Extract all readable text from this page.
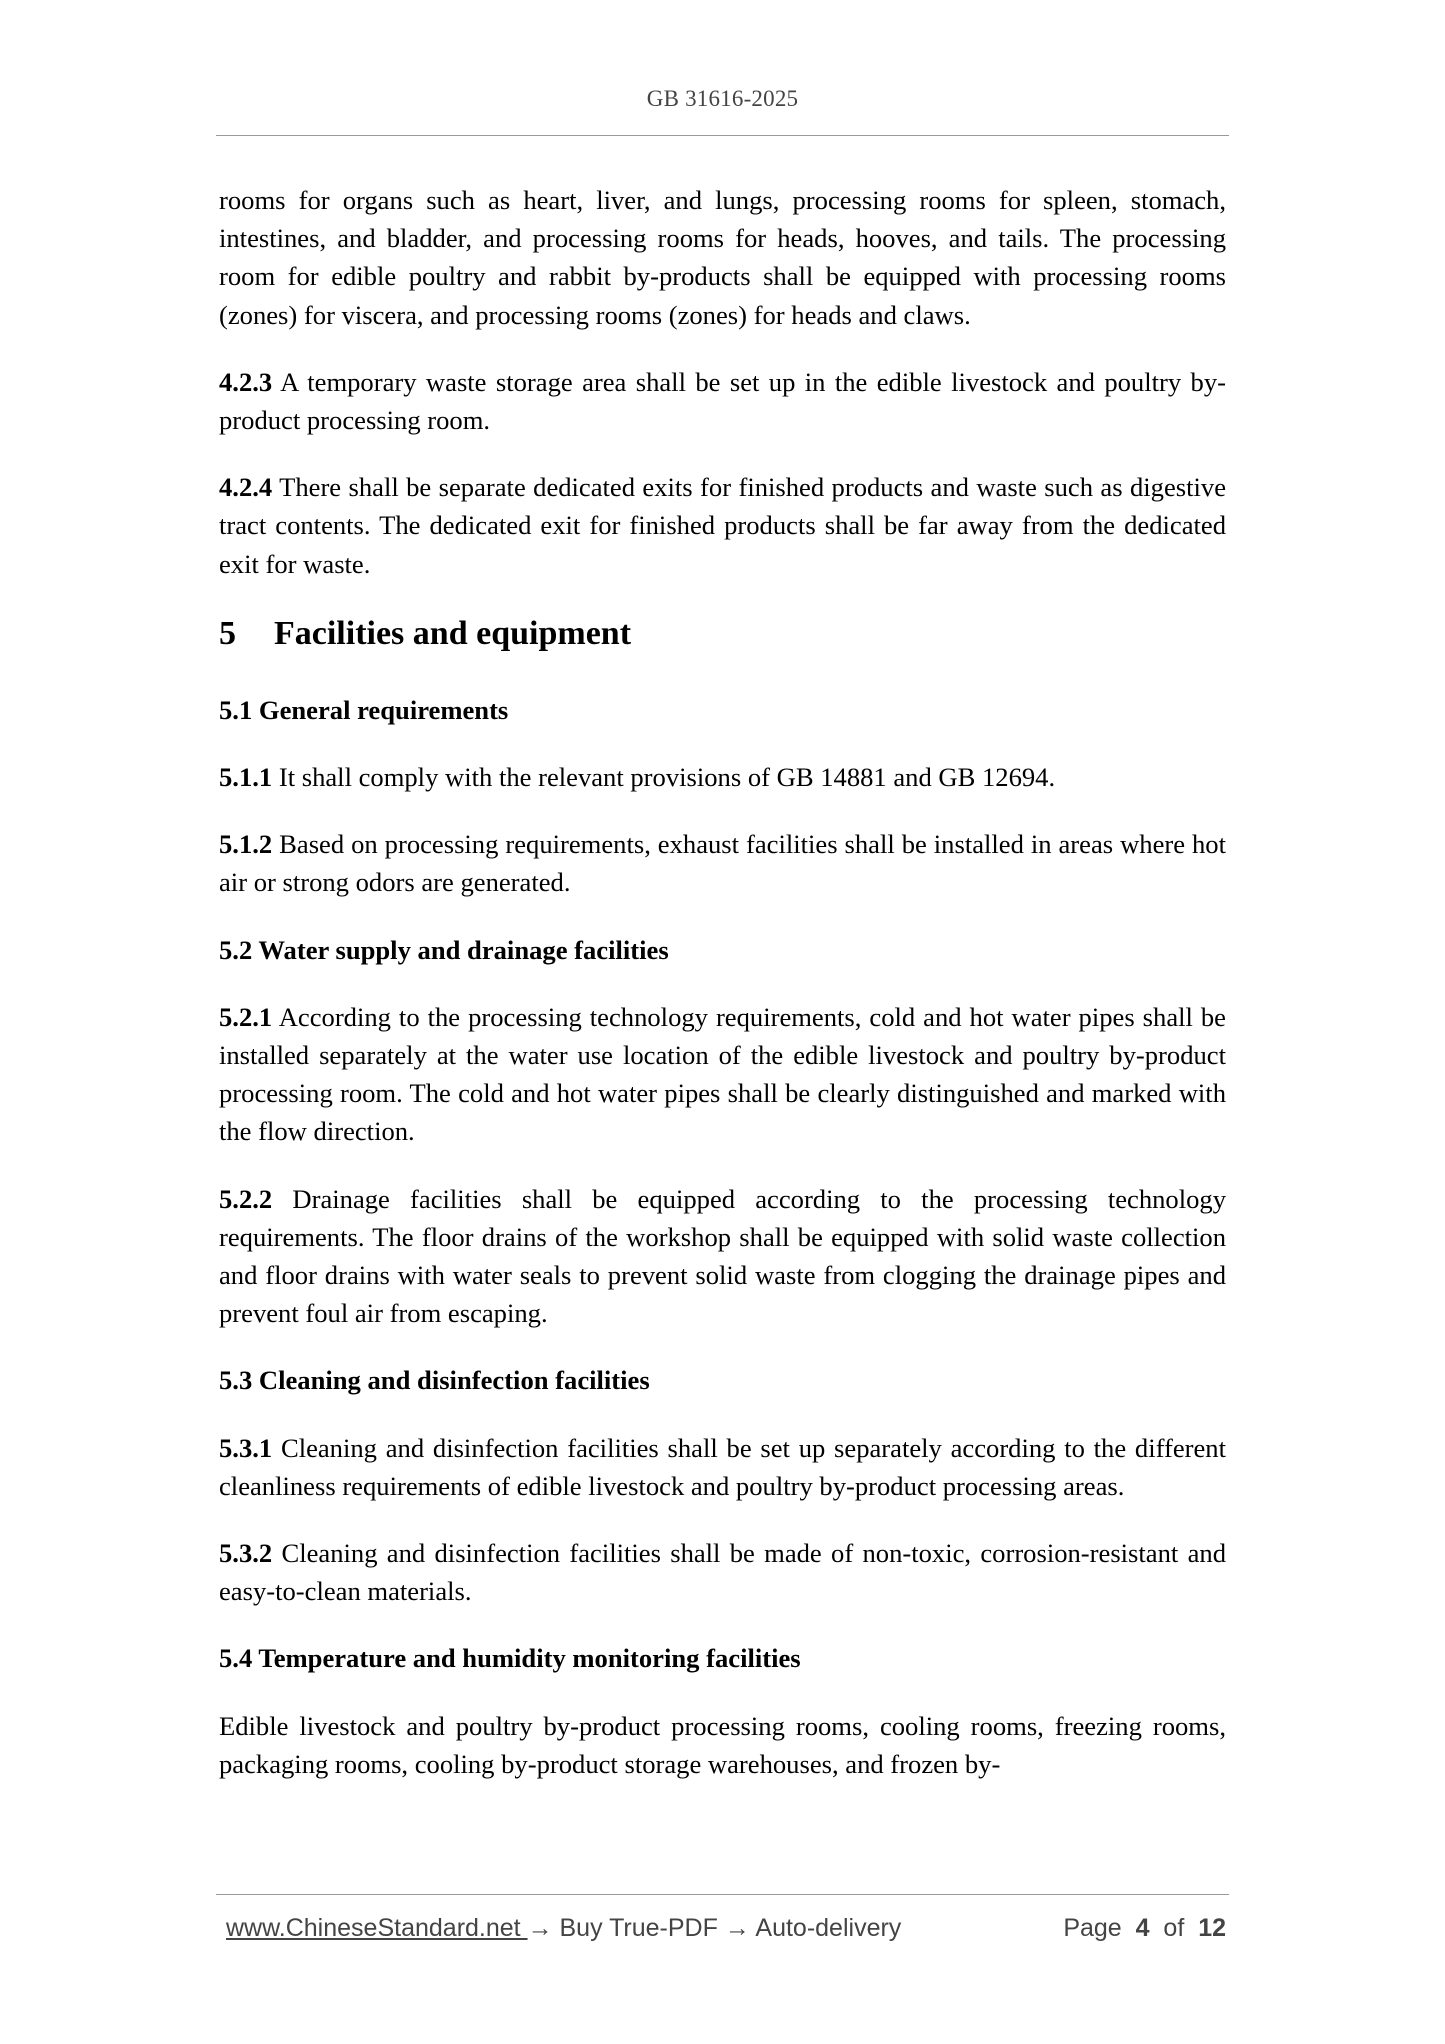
GB 31616-2025

rooms for organs such as heart, liver, and lungs, processing rooms for spleen, stomach, intestines, and bladder, and processing rooms for heads, hooves, and tails. The processing room for edible poultry and rabbit by-products shall be equipped with processing rooms (zones) for viscera, and processing rooms (zones) for heads and claws.

4.2.3 A temporary waste storage area shall be set up in the edible livestock and poultry by-product processing room.

4.2.4 There shall be separate dedicated exits for finished products and waste such as digestive tract contents. The dedicated exit for finished products shall be far away from the dedicated exit for waste.

5 Facilities and equipment

5.1 General requirements

5.1.1 It shall comply with the relevant provisions of GB 14881 and GB 12694.

5.1.2 Based on processing requirements, exhaust facilities shall be installed in areas where hot air or strong odors are generated.

5.2 Water supply and drainage facilities

5.2.1 According to the processing technology requirements, cold and hot water pipes shall be installed separately at the water use location of the edible livestock and poultry by-product processing room. The cold and hot water pipes shall be clearly distinguished and marked with the flow direction.

5.2.2 Drainage facilities shall be equipped according to the processing technology requirements. The floor drains of the workshop shall be equipped with solid waste collection and floor drains with water seals to prevent solid waste from clogging the drainage pipes and prevent foul air from escaping.

5.3 Cleaning and disinfection facilities

5.3.1 Cleaning and disinfection facilities shall be set up separately according to the different cleanliness requirements of edible livestock and poultry by-product processing areas.

5.3.2 Cleaning and disinfection facilities shall be made of non-toxic, corrosion-resistant and easy-to-clean materials.

5.4 Temperature and humidity monitoring facilities

Edible livestock and poultry by-product processing rooms, cooling rooms, freezing rooms, packaging rooms, cooling by-product storage warehouses, and frozen by-

www.ChineseStandard.net → Buy True-PDF → Auto-delivery	Page 4 of 12
